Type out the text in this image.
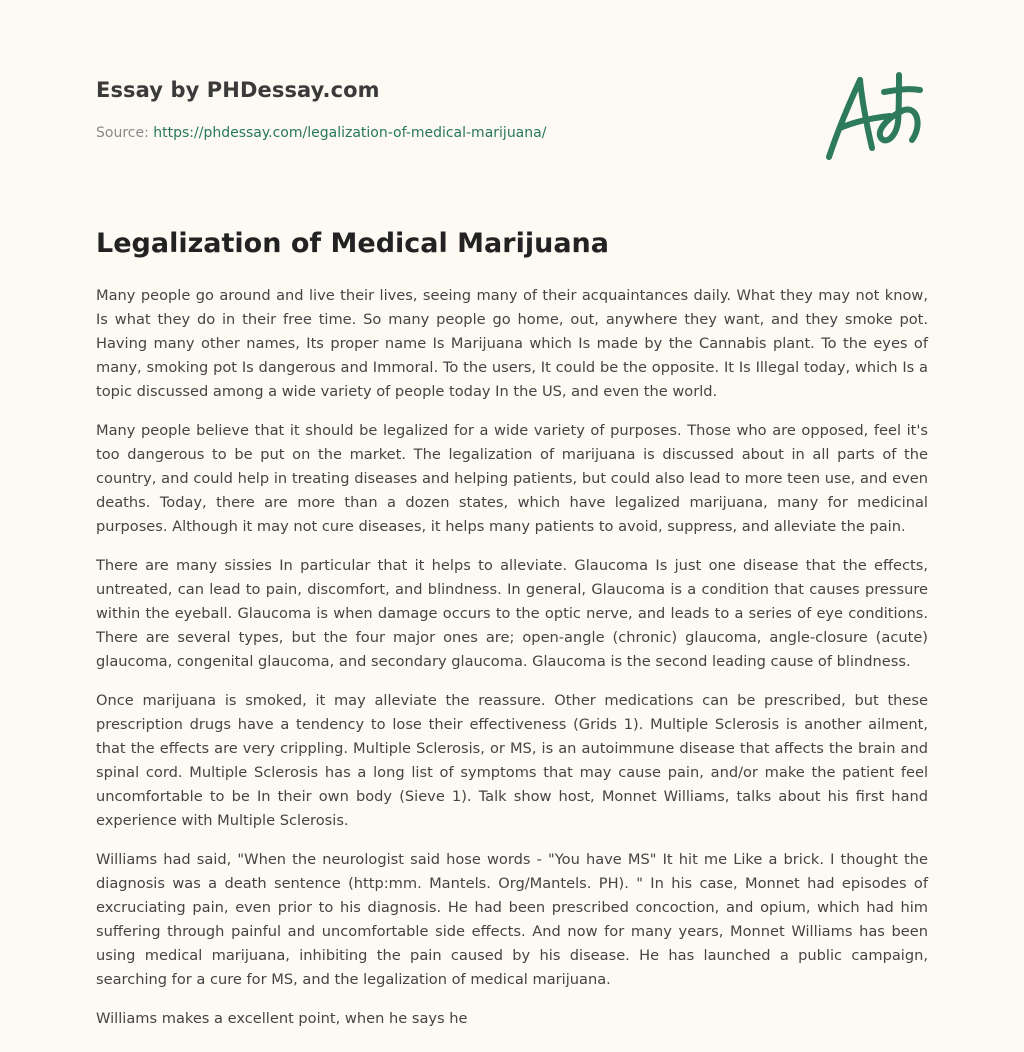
Essay by PHDessay.com
Source: https://phdessay.com/legalization-of-medical-marijuana/
Legalization of Medical Marijuana

Many people go around and live their lives, seeing many of their acquaintances daily. What they may not know, Is what they do in their free time. So many people go home, out, anywhere they want, and they smoke pot. Having many other names, Its proper name Is Marijuana which Is made by the Cannabis plant. To the eyes of many, smoking pot Is dangerous and Immoral. To the users, It could be the opposite. It Is Illegal today, which Is a topic discussed among a wide variety of people today In the US, and even the world.

Many people believe that it should be legalized for a wide variety of purposes. Those who are opposed, feel it's too dangerous to be put on the market. The legalization of marijuana is discussed about in all parts of the country, and could help in treating diseases and helping patients, but could also lead to more teen use, and even deaths. Today, there are more than a dozen states, which have legalized marijuana, many for medicinal purposes. Although it may not cure diseases, it helps many patients to avoid, suppress, and alleviate the pain.

There are many sissies In particular that it helps to alleviate. Glaucoma Is just one disease that the effects, untreated, can lead to pain, discomfort, and blindness. In general, Glaucoma is a condition that causes pressure within the eyeball. Glaucoma is when damage occurs to the optic nerve, and leads to a series of eye conditions. There are several types, but the four major ones are; open-angle (chronic) glaucoma, angle-closure (acute) glaucoma, congenital glaucoma, and secondary glaucoma. Glaucoma is the second leading cause of blindness.

Once marijuana is smoked, it may alleviate the reassure. Other medications can be prescribed, but these prescription drugs have a tendency to lose their effectiveness (Grids 1). Multiple Sclerosis is another ailment, that the effects are very crippling. Multiple Sclerosis, or MS, is an autoimmune disease that affects the brain and spinal cord. Multiple Sclerosis has a long list of symptoms that may cause pain, and/or make the patient feel uncomfortable to be In their own body (Sieve 1). Talk show host, Monnet Williams, talks about his first hand experience with Multiple Sclerosis.

Williams had said, "When the neurologist said hose words - "You have MS" It hit me Like a brick. I thought the diagnosis was a death sentence (http:mm. Mantels. Org/Mantels. PH). " In his case, Monnet had episodes of excruciating pain, even prior to his diagnosis. He had been prescribed concoction, and opium, which had him suffering through painful and uncomfortable side effects. And now for many years, Monnet Williams has been using medical marijuana, inhibiting the pain caused by his disease. He has launched a public campaign, searching for a cure for MS, and the legalization of medical marijuana.

Williams makes a excellent point, when he says he
